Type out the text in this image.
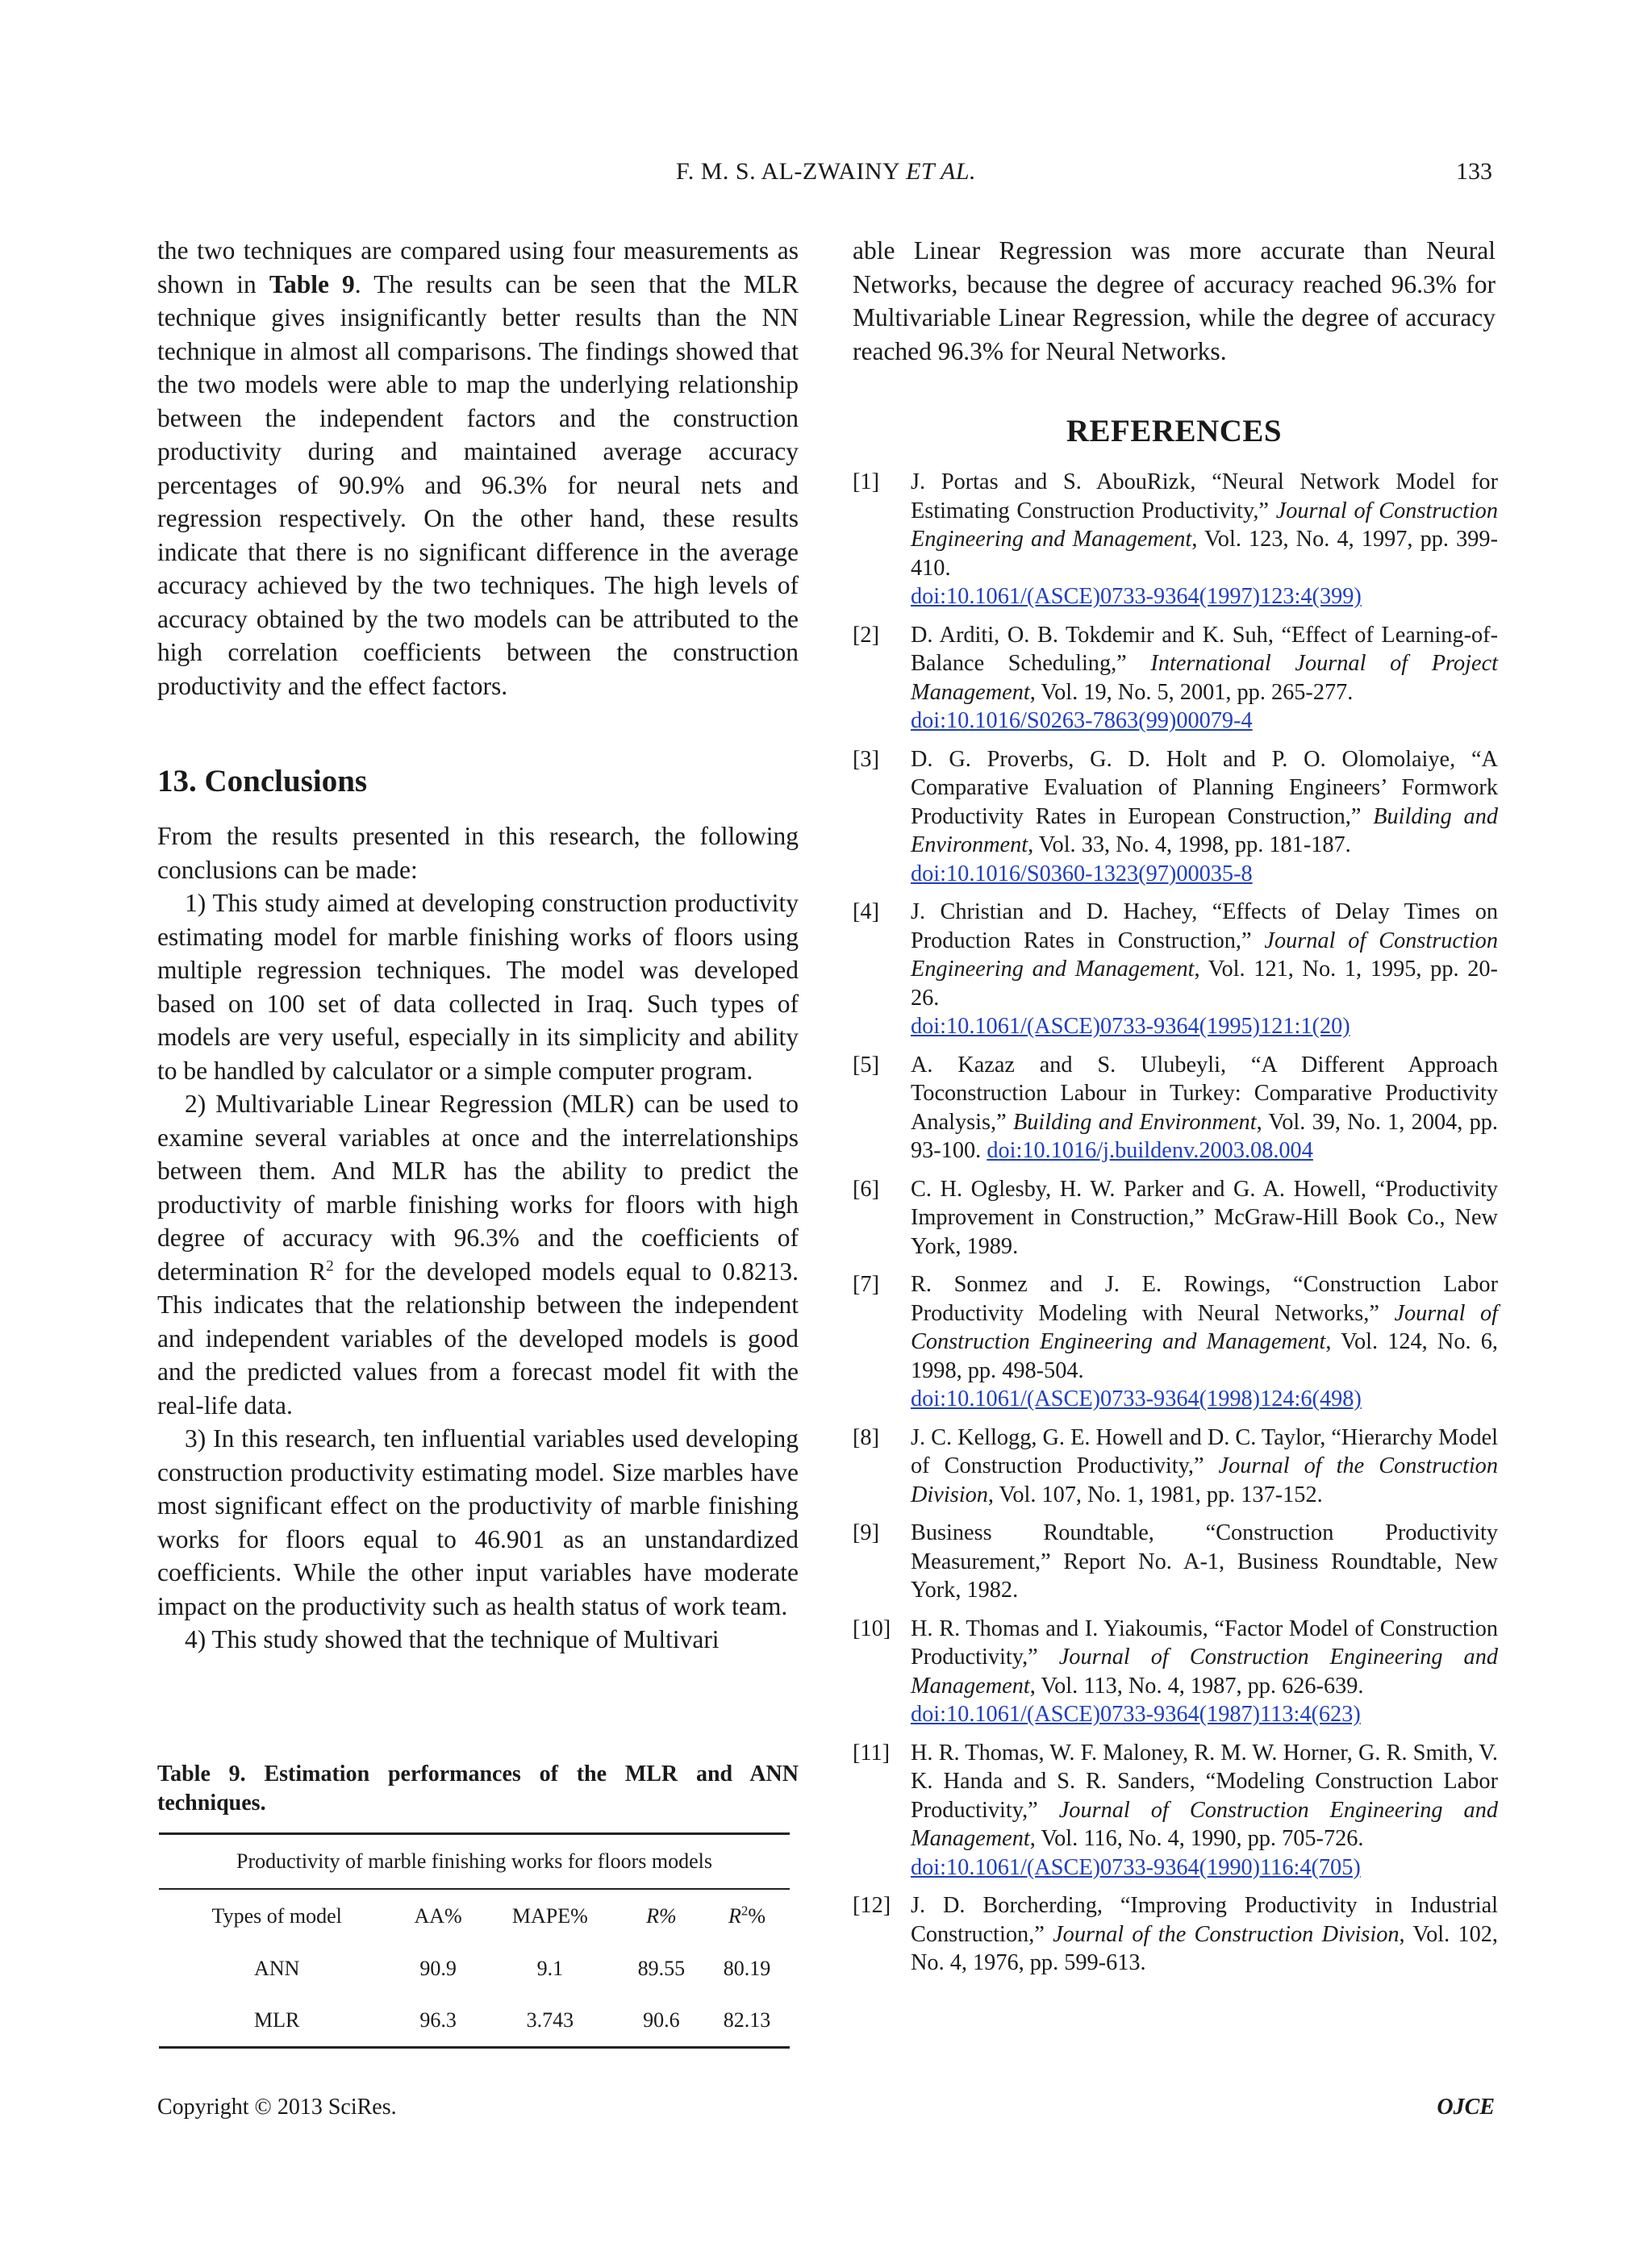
F. M. S. AL-ZWAINY ET AL.	133

the two techniques are compared using four measurements as shown in Table 9. The results can be seen that the MLR technique gives insignificantly better results than the NN technique in almost all comparisons. The findings showed that the two models were able to map the underlying relationship between the independent factors and the construction productivity during and maintained average accuracy percentages of 90.9% and 96.3% for neural nets and regression respectively. On the other hand, these results indicate that there is no significant difference in the average accuracy achieved by the two techniques. The high levels of accuracy obtained by the two models can be attributed to the high correlation coefficients between the construction productivity and the effect factors.

13. Conclusions

From the results presented in this research, the following conclusions can be made:

1) This study aimed at developing construction productivity estimating model for marble finishing works of floors using multiple regression techniques. The model was developed based on 100 set of data collected in Iraq. Such types of models are very useful, especially in its simplicity and ability to be handled by calculator or a simple computer program.

2) Multivariable Linear Regression (MLR) can be used to examine several variables at once and the interrelationships between them. And MLR has the ability to predict the productivity of marble finishing works for floors with high degree of accuracy with 96.3% and the coefficients of determination $R^2$ for the developed models equal to 0.8213. This indicates that the relationship between the independent and independent variables of the developed models is good and the predicted values from a forecast model fit with the real-life data.

3) In this research, ten influential variables used developing construction productivity estimating model. Size marbles have most significant effect on the productivity of marble finishing works for floors equal to 46.901 as an unstandardized coefficients. While the other input variables have moderate impact on the productivity such as health status of work team.

4) This study showed that the technique of Multivari

Table 9. Estimation performances of the MLR and ANN techniques.
Productivity of marble finishing works for floors models				
Types of model	AA%	MAPE%	R%	$R^2\%$
ANN	90.9	9.1	89.55	80.19
MLR	96.3	3.743	90.6	82.13
able Linear Regression was more accurate than Neural Networks, because the degree of accuracy reached 96.3% for Multivariable Linear Regression, while the degree of accuracy reached 96.3% for Neural Networks.
REFERENCES
[1]	J. Portas and S. AbouRizk, “Neural Network Model for Estimating Construction Productivity,” Journal of Construction Engineering and Management, Vol. 123, No. 4, 1997, pp. 399-410.
doi:10.1061/(ASCE)0733-9364(1997)123:4(399)
[2]	D. Arditi, O. B. Tokdemir and K. Suh, “Effect of Learning-of-Balance Scheduling,” International Journal of Project Management, Vol. 19, No. 5, 2001, pp. 265-277.
doi:10.1016/S0263-7863(99)00079-4
[3]	D. G. Proverbs, G. D. Holt and P. O. Olomolaiye, “A Comparative Evaluation of Planning Engineers’ Formwork Productivity Rates in European Construction,” Building and Environment, Vol. 33, No. 4, 1998, pp. 181-187.
doi:10.1016/S0360-1323(97)00035-8
[4]	J. Christian and D. Hachey, “Effects of Delay Times on Production Rates in Construction,” Journal of Construction Engineering and Management, Vol. 121, No. 1, 1995, pp. 20-26.
doi:10.1061/(ASCE)0733-9364(1995)121:1(20)
[5]	A. Kazaz and S. Ulubeyli, “A Different Approach Toconstruction Labour in Turkey: Comparative Productivity Analysis,” Building and Environment, Vol. 39, No. 1, 2004, pp. 93-100. doi:10.1016/j.buildenv.2003.08.004
[6]	C. H. Oglesby, H. W. Parker and G. A. Howell, “Productivity Improvement in Construction,” McGraw-Hill Book Co., New York, 1989.
[7]	R. Sonmez and J. E. Rowings, “Construction Labor Productivity Modeling with Neural Networks,” Journal of Construction Engineering and Management, Vol. 124, No. 6, 1998, pp. 498-504.
doi:10.1061/(ASCE)0733-9364(1998)124:6(498)
[8]	J. C. Kellogg, G. E. Howell and D. C. Taylor, “Hierarchy Model of Construction Productivity,” Journal of the Construction Division, Vol. 107, No. 1, 1981, pp. 137-152.
[9]	Business Roundtable, “Construction Productivity Measurement,” Report No. A-1, Business Roundtable, New York, 1982.
[10] H. R. Thomas and I. Yiakoumis, “Factor Model of Construction Productivity,” Journal of Construction Engineering and Management, Vol. 113, No. 4, 1987, pp. 626-639.
doi:10.1061/(ASCE)0733-9364(1987)113:4(623)
[11] H. R. Thomas, W. F. Maloney, R. M. W. Horner, G. R. Smith, V. K. Handa and S. R. Sanders, “Modeling Construction Labor Productivity,” Journal of Construction Engineering and Management, Vol. 116, No. 4, 1990, pp. 705-726.
doi:10.1061/(ASCE)0733-9364(1990)116:4(705)
[12] J. D. Borcherding, “Improving Productivity in Industrial Construction,” Journal of the Construction Division, Vol. 102, No. 4, 1976, pp. 599-613.
Copyright © 2013 SciRes.	OJCE
